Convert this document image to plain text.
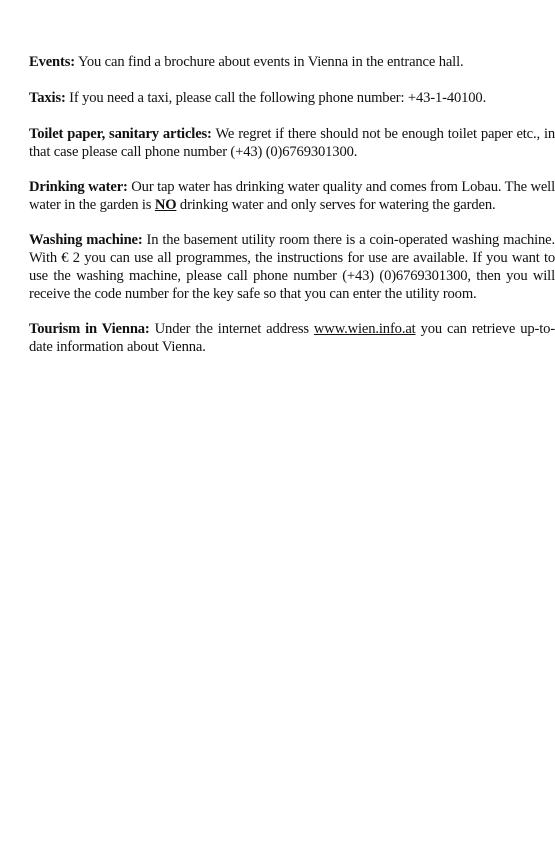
Events: You can find a brochure about events in Vienna in the entrance hall.

Taxis: If you need a taxi, please call the following phone number: +43-1-40100.

Toilet paper, sanitary articles: We regret if there should not be enough toilet paper etc., in that case please call phone number (+43) (0)6769301300.

Drinking water: Our tap water has drinking water quality and comes from Lobau. The well water in the garden is NO drinking water and only serves for watering the garden.

Washing machine: In the basement utility room there is a coin-operated washing machine. With € 2 you can use all programmes, the instructions for use are available. If you want to use the washing machine, please call phone number (+43) (0)6769301300, then you will receive the code number for the key safe so that you can enter the utility room.

Tourism in Vienna: Under the internet address www.wien.info.at you can retrieve up-to-date information about Vienna.
